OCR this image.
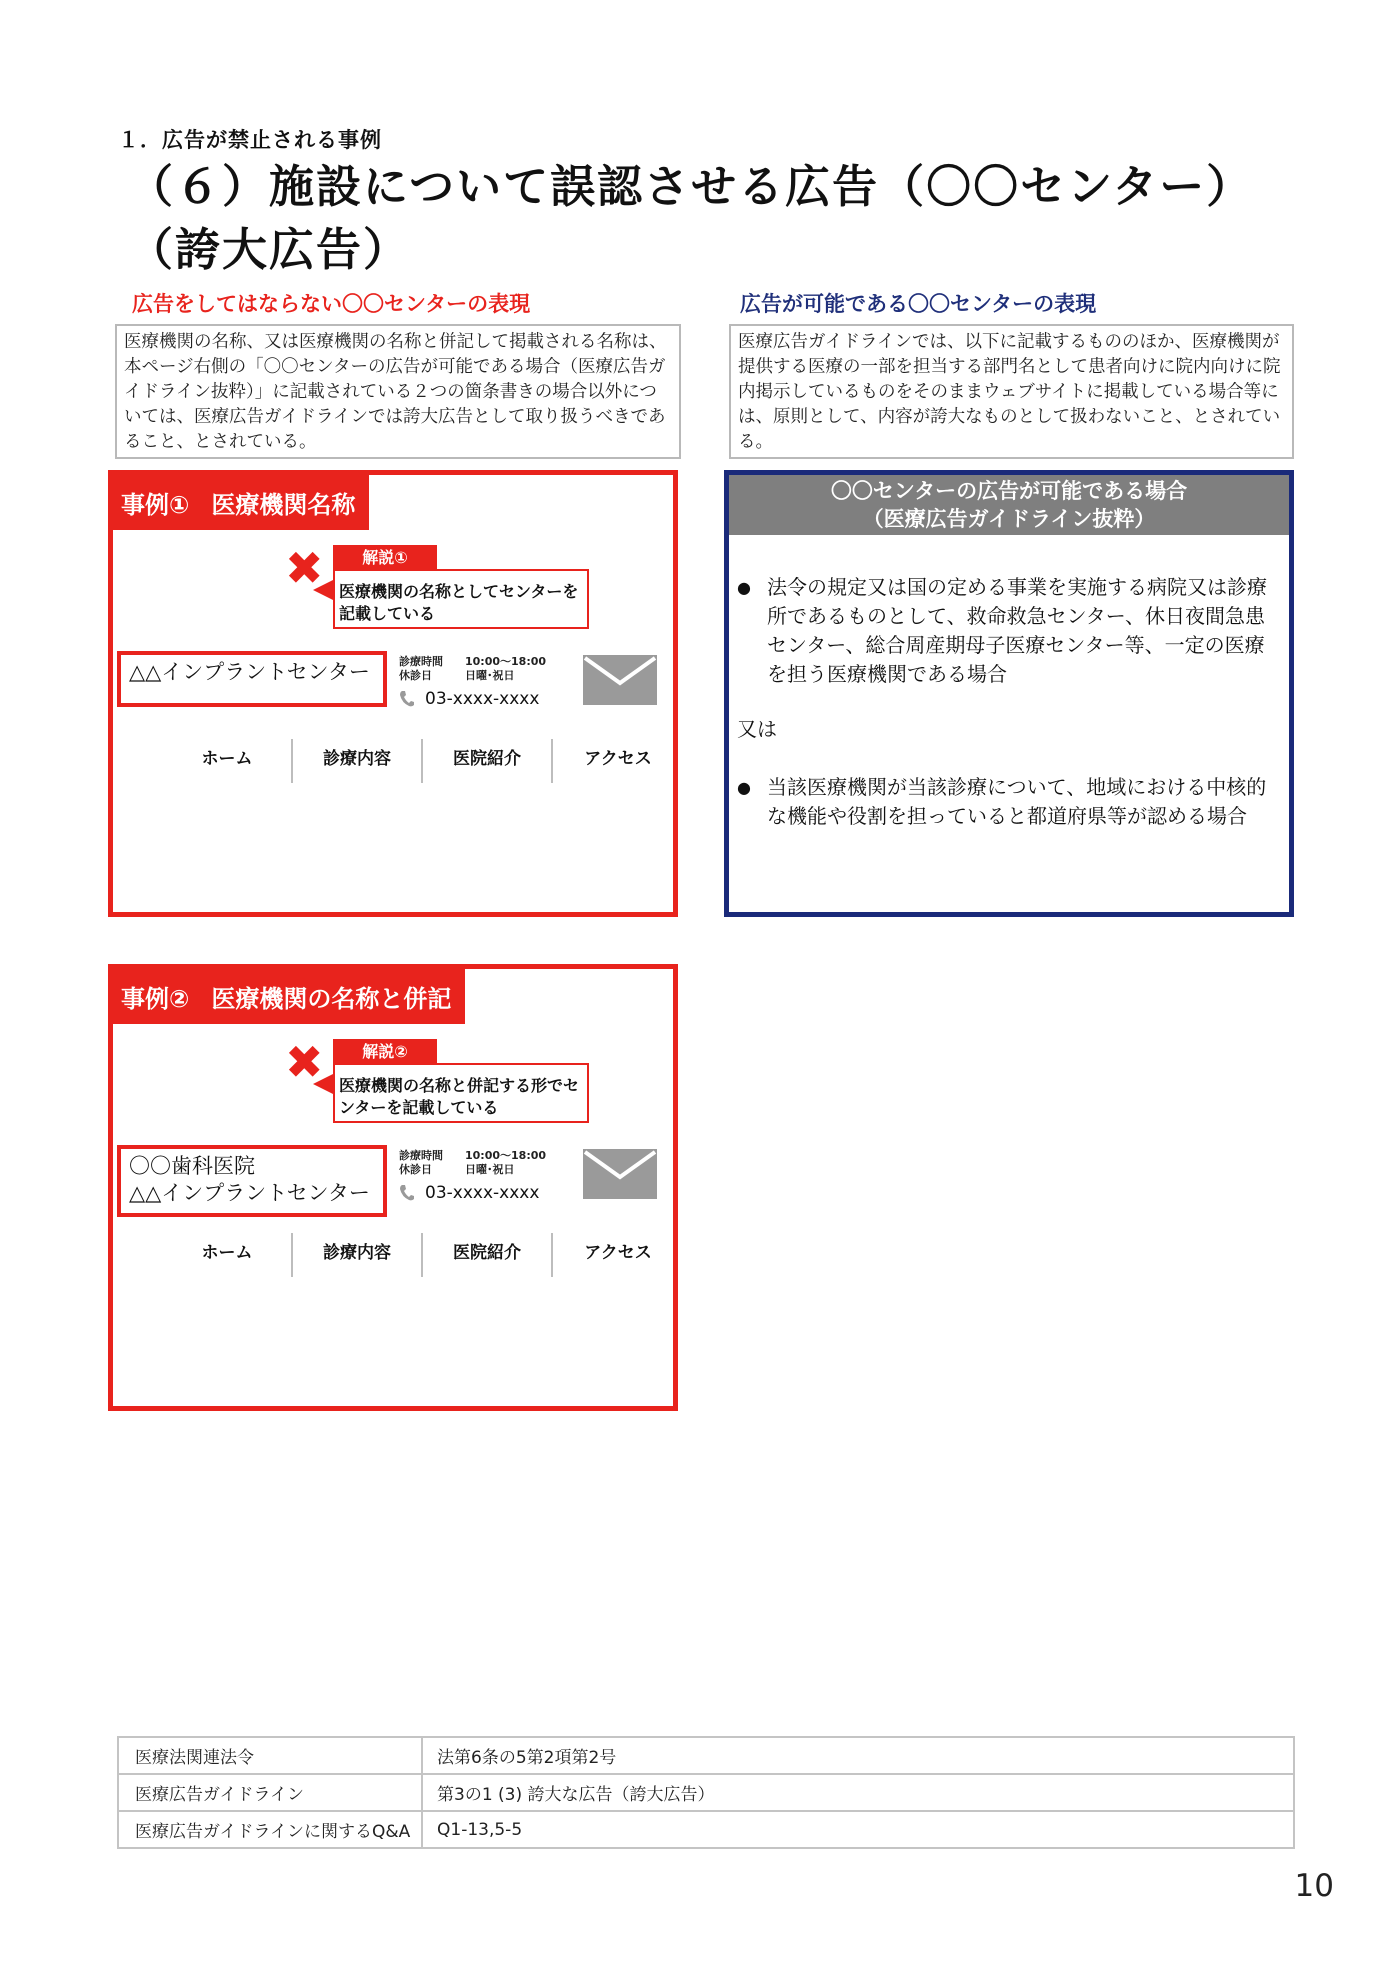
１．広告が禁止される事例
（６）施設について誤認させる広告（〇〇センター）
（誇大広告）
広告をしてはならない〇〇センターの表現	広告が可能である〇〇センターの表現
医療機関の名称、又は医療機関の名称と併記して掲載される名称は、本ページ右側の「〇〇センターの広告が可能である場合（医療広告ガイドライン抜粋）」に記載されている２つの箇条書きの場合以外については、医療広告ガイドラインでは誇大広告として取り扱うべきであること、とされている。
医療広告ガイドラインでは、以下に記載するもののほか、医療機関が提供する医療の一部を担当する部門名として患者向けに院内向けに院内掲示しているものをそのままウェブサイトに掲載している場合等には、原則として、内容が誇大なものとして扱わないこと、とされている。
事例① 医療機関名称
✖	解説①
医療機関の名称としてセンターを記載している
△△インプラントセンター	診療時間 10:00～18:00
休診日	日曜･祝日
03-xxxx-xxxx
ホーム	診療内容	医院紹介	アクセス
事例② 医療機関の名称と併記
✖	解説②
医療機関の名称と併記する形でセンターを記載している
〇〇歯科医院
△△インプラントセンター
診療時間 10:00～18:00
休診日	日曜･祝日
03-xxxx-xxxx
ホーム	診療内容	医院紹介	アクセス
〇〇センターの広告が可能である場合
（医療広告ガイドライン抜粋）
● 法令の規定又は国の定める事業を実施する病院又は診療所であるものとして、救命救急センター、休日夜間急患センター、総合周産期母子医療センター等、一定の医療を担う医療機関である場合
又は
● 当該医療機関が当該診療について、地域における中核的な機能や役割を担っていると都道府県等が認める場合
医療法関連法令	法第6条の5第2項第2号
医療広告ガイドライン	第3の1 (3) 誇大な広告（誇大広告）
医療広告ガイドラインに関するQ&A	Q1-13,5-5
10
